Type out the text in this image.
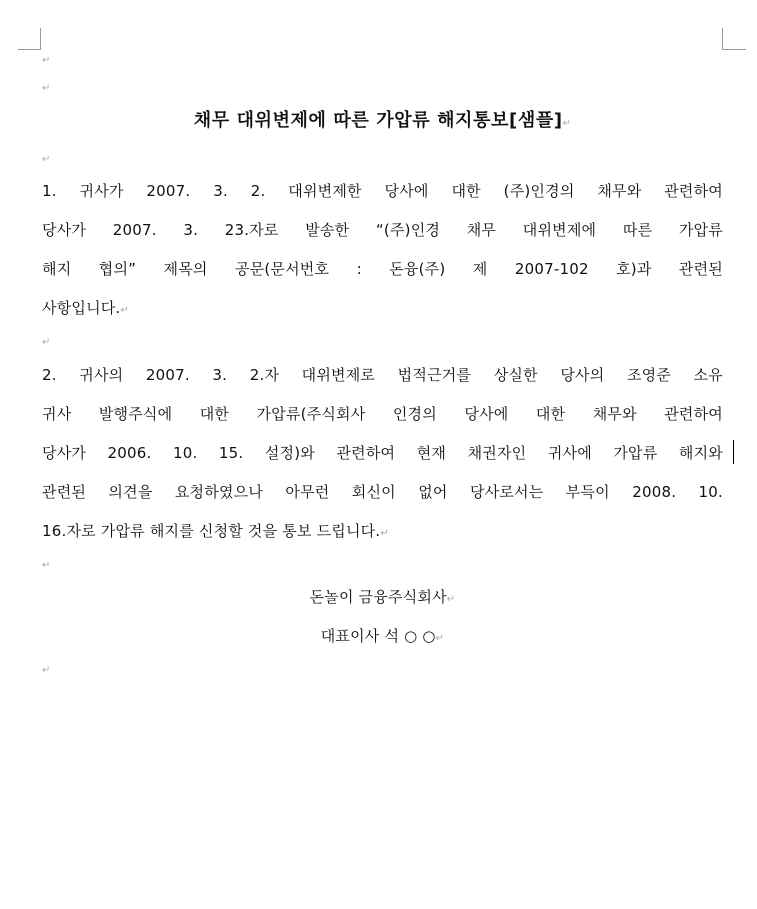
↵
↵
채무 대위변제에 따른 가압류 해지통보[샘플]↵
↵
1. 귀사가 2007. 3. 2. 대위변제한 당사에 대한 (주)인경의 채무와 관련하여
당사가 2007. 3. 23.자로 발송한 “(주)인경 채무 대위변제에 따른 가압류
해지 협의” 제목의 공문(문서번호 : 돈융(주) 제 2007-102 호)과 관련된
사항입니다.↵
↵
2. 귀사의 2007. 3. 2.자 대위변제로 법적근거를 상실한 당사의 조영준 소유
귀사 발행주식에 대한 가압류(주식회사 인경의 당사에 대한 채무와 관련하여
당사가 2006. 10. 15. 설정)와 관련하여 현재 채권자인 귀사에 가압류 해지와
관련된 의견을 요청하였으나 아무런 회신이 없어 당사로서는 부득이 2008. 10.
16.자로 가압류 해지를 신청할 것을 통보 드립니다.↵
↵
돈놀이 금융주식회사↵
대표이사 석 ○ ○↵
↵
